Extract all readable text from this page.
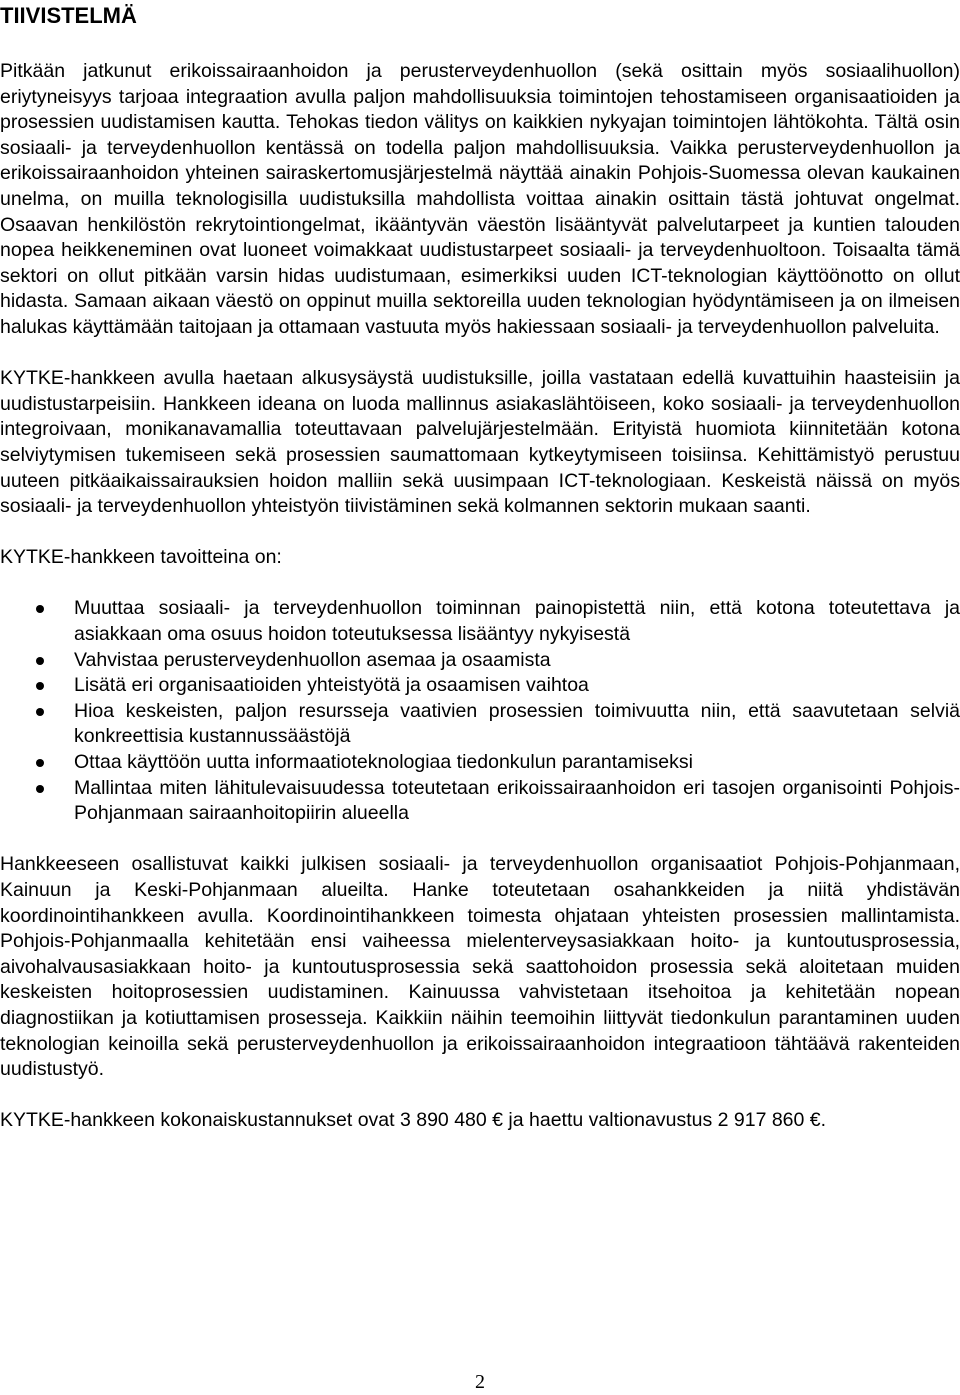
TIIVISTELMÄ

Pitkään jatkunut erikoissairaanhoidon ja perusterveydenhuollon (sekä osittain myös sosiaalihuollon) eriytyneisyys tarjoaa integraation avulla paljon mahdollisuuksia toimintojen tehostamiseen organisaatioiden ja prosessien uudistamisen kautta. Tehokas tiedon välitys on kaikkien nykyajan toimintojen lähtökohta. Tältä osin sosiaali- ja terveydenhuollon kentässä on todella paljon mahdollisuuksia. Vaikka perusterveydenhuollon ja erikoissairaanhoidon yhteinen sairaskertomusjärjestelmä näyttää ainakin Pohjois-Suomessa olevan kaukainen unelma, on muilla teknologisilla uudistuksilla mahdollista voittaa ainakin osittain tästä johtuvat ongelmat. Osaavan henkilöstön rekrytointiongelmat, ikääntyvän väestön lisääntyvät palvelutarpeet ja kuntien talouden nopea heikkeneminen ovat luoneet voimakkaat uudistustarpeet sosiaali- ja terveydenhuoltoon. Toisaalta tämä sektori on ollut pitkään varsin hidas uudistumaan, esimerkiksi uuden ICT-teknologian käyttöönotto on ollut hidasta. Samaan aikaan väestö on oppinut muilla sektoreilla uuden teknologian hyödyntämiseen ja on ilmeisen halukas käyttämään taitojaan ja ottamaan vastuuta myös hakiessaan sosiaali- ja terveydenhuollon palveluita.

KYTKE-hankkeen avulla haetaan alkusysäystä uudistuksille, joilla vastataan edellä kuvattuihin haasteisiin ja uudistustarpeisiin. Hankkeen ideana on luoda mallinnus asiakaslähtöiseen, koko sosiaali- ja terveydenhuollon integroivaan, monikanavamallia toteuttavaan palvelujärjestelmään. Erityistä huomiota kiinnitetään kotona selviytymisen tukemiseen sekä prosessien saumattomaan kytkeytymiseen toisiinsa. Kehittämistyö perustuu uuteen pitkäaikaissairauksien hoidon malliin sekä uusimpaan ICT-teknologiaan. Keskeistä näissä on myös sosiaali- ja terveydenhuollon yhteistyön tiivistäminen sekä kolmannen sektorin mukaan saanti.

KYTKE-hankkeen tavoitteina on:

Muuttaa sosiaali- ja terveydenhuollon toiminnan painopistettä niin, että kotona toteutettava ja asiakkaan oma osuus hoidon toteutuksessa lisääntyy nykyisestä
Vahvistaa perusterveydenhuollon asemaa ja osaamista
Lisätä eri organisaatioiden yhteistyötä ja osaamisen vaihtoa
Hioa keskeisten, paljon resursseja vaativien prosessien toimivuutta niin, että saavutetaan selviä konkreettisia kustannussäästöjä
Ottaa käyttöön uutta informaatioteknologiaa tiedonkulun parantamiseksi
Mallintaa miten lähitulevaisuudessa toteutetaan erikoissairaanhoidon eri tasojen organisointi Pohjois-Pohjanmaan sairaanhoitopiirin alueella

Hankkeeseen osallistuvat kaikki julkisen sosiaali- ja terveydenhuollon organisaatiot Pohjois-Pohjanmaan, Kainuun ja Keski-Pohjanmaan alueilta. Hanke toteutetaan osahankkeiden ja niitä yhdistävän koordinointihankkeen avulla. Koordinointihankkeen toimesta ohjataan yhteisten prosessien mallintamista. Pohjois-Pohjanmaalla kehitetään ensi vaiheessa mielenterveysasiakkaan hoito- ja kuntoutusprosessia, aivohalvausasiakkaan hoito- ja kuntoutusprosessia sekä saattohoidon prosessia sekä aloitetaan muiden keskeisten hoitoprosessien uudistaminen. Kainuussa vahvistetaan itsehoitoa ja kehitetään nopean diagnostiikan ja kotiuttamisen prosesseja. Kaikkiin näihin teemoihin liittyvät tiedonkulun parantaminen uuden teknologian keinoilla sekä perusterveydenhuollon ja erikoissairaanhoidon integraatioon tähtäävä rakenteiden uudistustyö.

KYTKE-hankkeen kokonaiskustannukset ovat 3 890 480 € ja haettu valtionavustus 2 917 860 €.

2
